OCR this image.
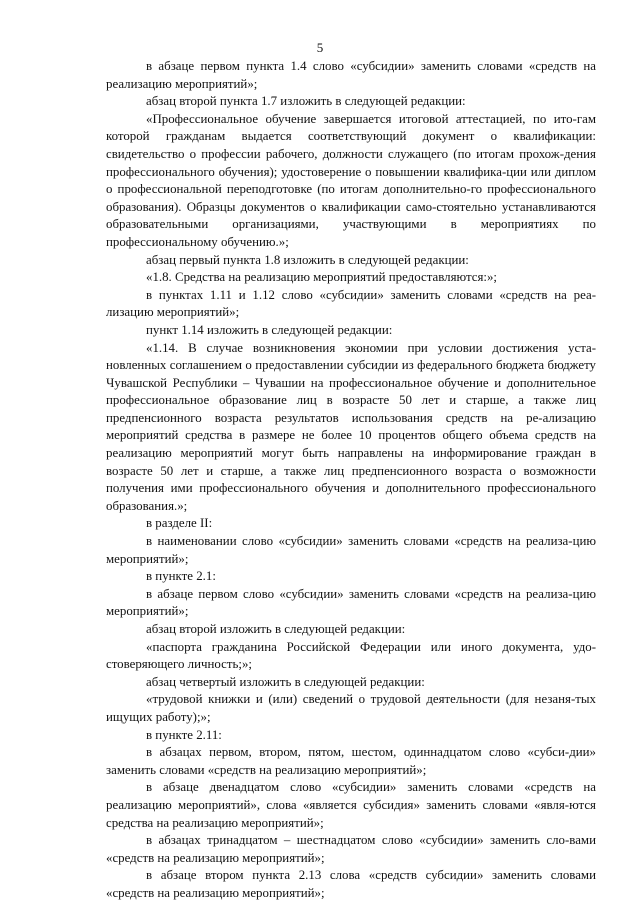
5

в абзаце первом пункта 1.4 слово «субсидии» заменить словами «средств на реализацию мероприятий»;

абзац второй пункта 1.7 изложить в следующей редакции:

«Профессиональное обучение завершается итоговой аттестацией, по ито-гам которой гражданам выдается соответствующий документ о квалификации: свидетельство о профессии рабочего, должности служащего (по итогам прохож-дения профессионального обучения); удостоверение о повышении квалифика-ции или диплом о профессиональной переподготовке (по итогам дополнительно-го профессионального образования). Образцы документов о квалификации само-стоятельно устанавливаются образовательными организациями, участвующими в мероприятиях по профессиональному обучению.»;

абзац первый пункта 1.8 изложить в следующей редакции:

«1.8. Средства на реализацию мероприятий предоставляются:»;

в пунктах 1.11 и 1.12 слово «субсидии» заменить словами «средств на реа-лизацию мероприятий»;

пункт 1.14 изложить в следующей редакции:

«1.14. В случае возникновения экономии при условии достижения уста-новленных соглашением о предоставлении субсидии из федерального бюджета бюджету Чувашской Республики – Чувашии на профессиональное обучение и дополнительное профессиональное образование лиц в возрасте 50 лет и старше, а также лиц предпенсионного возраста результатов использования средств на ре-ализацию мероприятий средства в размере не более 10 процентов общего объема средств на реализацию мероприятий могут быть направлены на информирование граждан в возрасте 50 лет и старше, а также лиц предпенсионного возраста о возможности получения ими профессионального обучения и дополнительного профессионального образования.»;

в разделе II:

в наименовании слово «субсидии» заменить словами «средств на реализа-цию мероприятий»;

в пункте 2.1:

в абзаце первом слово «субсидии» заменить словами «средств на реализа-цию мероприятий»;

абзац второй изложить в следующей редакции:

«паспорта гражданина Российской Федерации или иного документа, удо-стоверяющего личность;»;

абзац четвертый изложить в следующей редакции:

«трудовой книжки и (или) сведений о трудовой деятельности (для незаня-тых ищущих работу);»;

в пункте 2.11:

в абзацах первом, втором, пятом, шестом, одиннадцатом слово «субси-дии» заменить словами «средств на реализацию мероприятий»;

в абзаце двенадцатом слово «субсидии» заменить словами «средств на реализацию мероприятий», слова «является субсидия» заменить словами «явля-ются средства на реализацию мероприятий»;

в абзацах тринадцатом – шестнадцатом слово «субсидии» заменить сло-вами «средств на реализацию мероприятий»;

в абзаце втором пункта 2.13 слова «средств субсидии» заменить словами «средств на реализацию мероприятий»;
